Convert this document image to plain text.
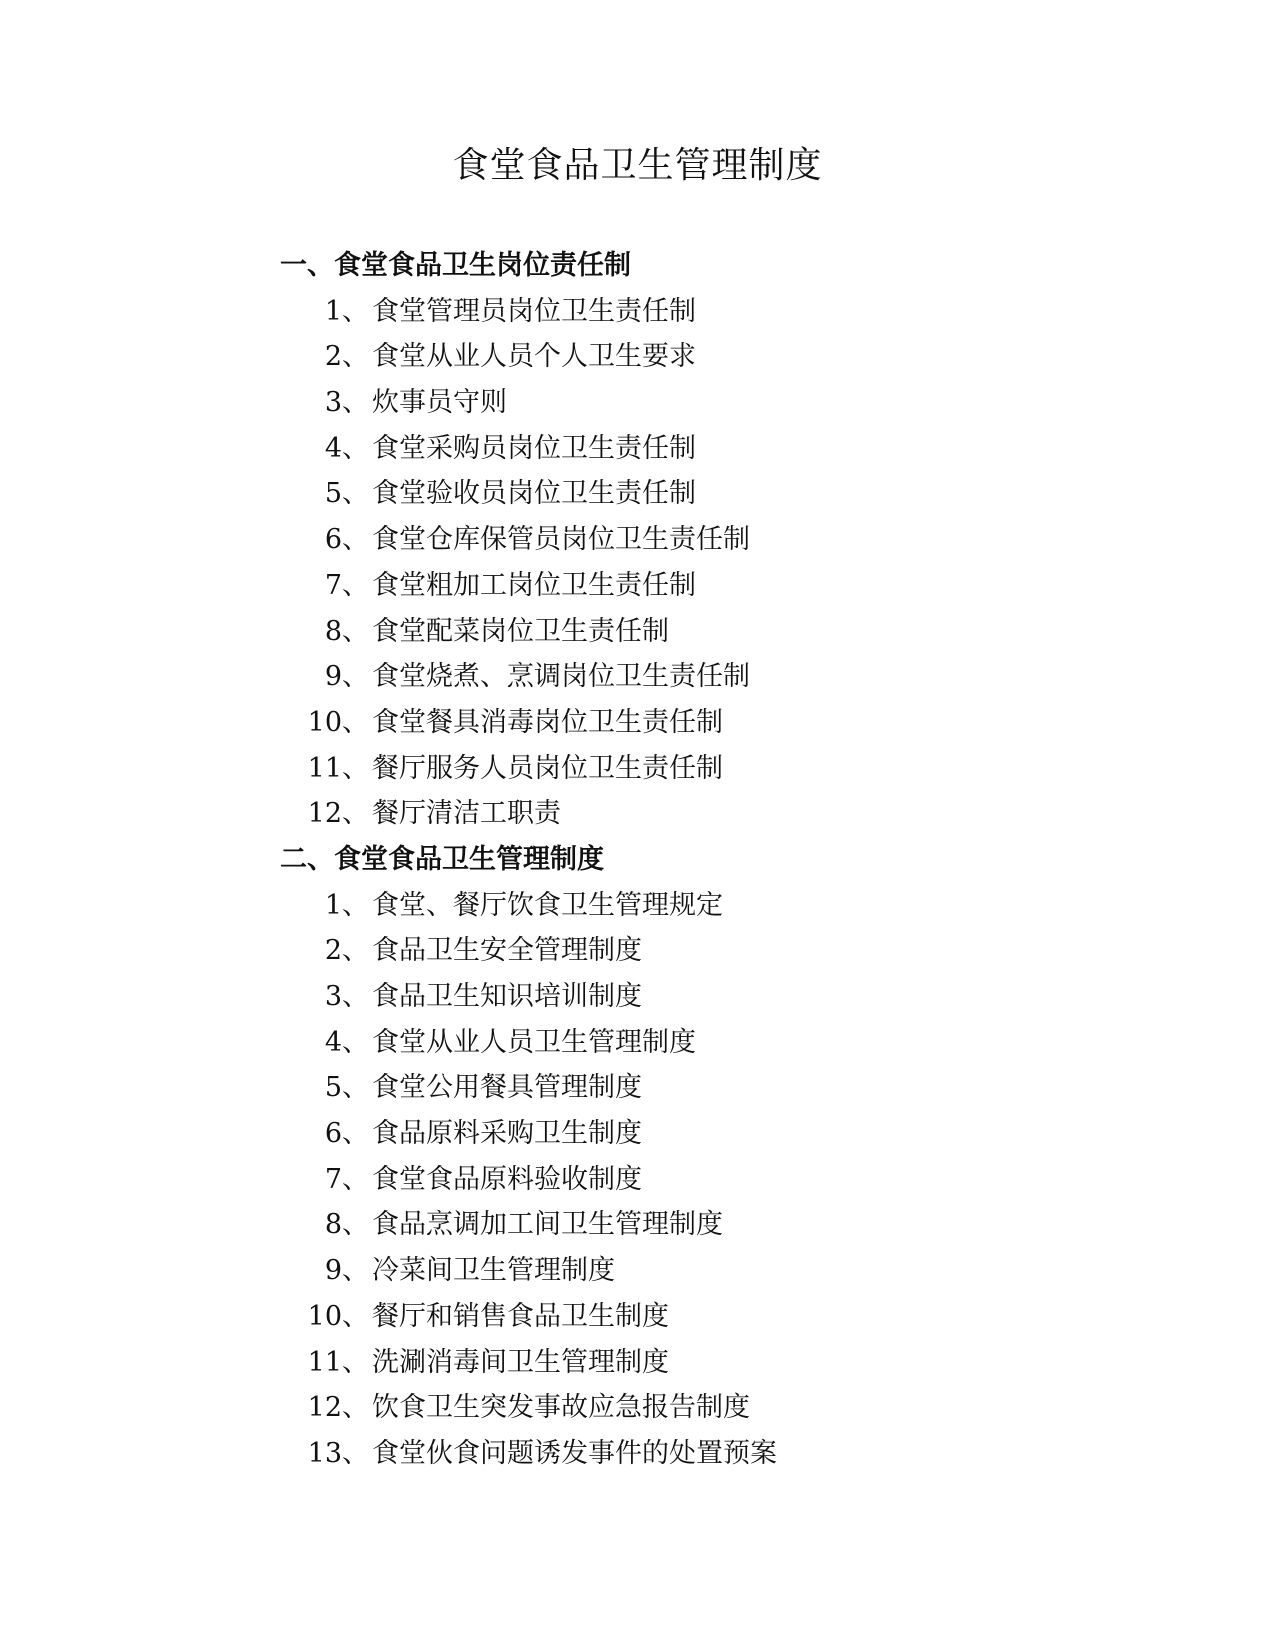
食堂食品卫生管理制度
一、食堂食品卫生岗位责任制
1 、 食堂管理员岗位卫生责任制
2 、 食堂从业人员个人卫生要求
3 、 炊事员守则
4 、 食堂采购员岗位卫生责任制
5 、 食堂验收员岗位卫生责任制
6 、 食堂仓库保管员岗位卫生责任制
7 、 食堂粗加工岗位卫生责任制
8 、 食堂配菜岗位卫生责任制
9 、 食堂烧煮、烹调岗位卫生责任制
10 、 食堂餐具消毒岗位卫生责任制
11 、 餐厅服务人员岗位卫生责任制
12 、 餐厅清洁工职责
二、食堂食品卫生管理制度
1 、 食堂、餐厅饮食卫生管理规定
2 、 食品卫生安全管理制度
3 、 食品卫生知识培训制度
4 、 食堂从业人员卫生管理制度
5 、 食堂公用餐具管理制度
6 、 食品原料采购卫生制度
7 、 食堂食品原料验收制度
8 、 食品烹调加工间卫生管理制度
9 、 冷菜间卫生管理制度
10 、 餐厅和销售食品卫生制度
11 、 洗涮消毒间卫生管理制度
12 、 饮食卫生突发事故应急报告制度
13 、 食堂伙食问题诱发事件的处置预案
